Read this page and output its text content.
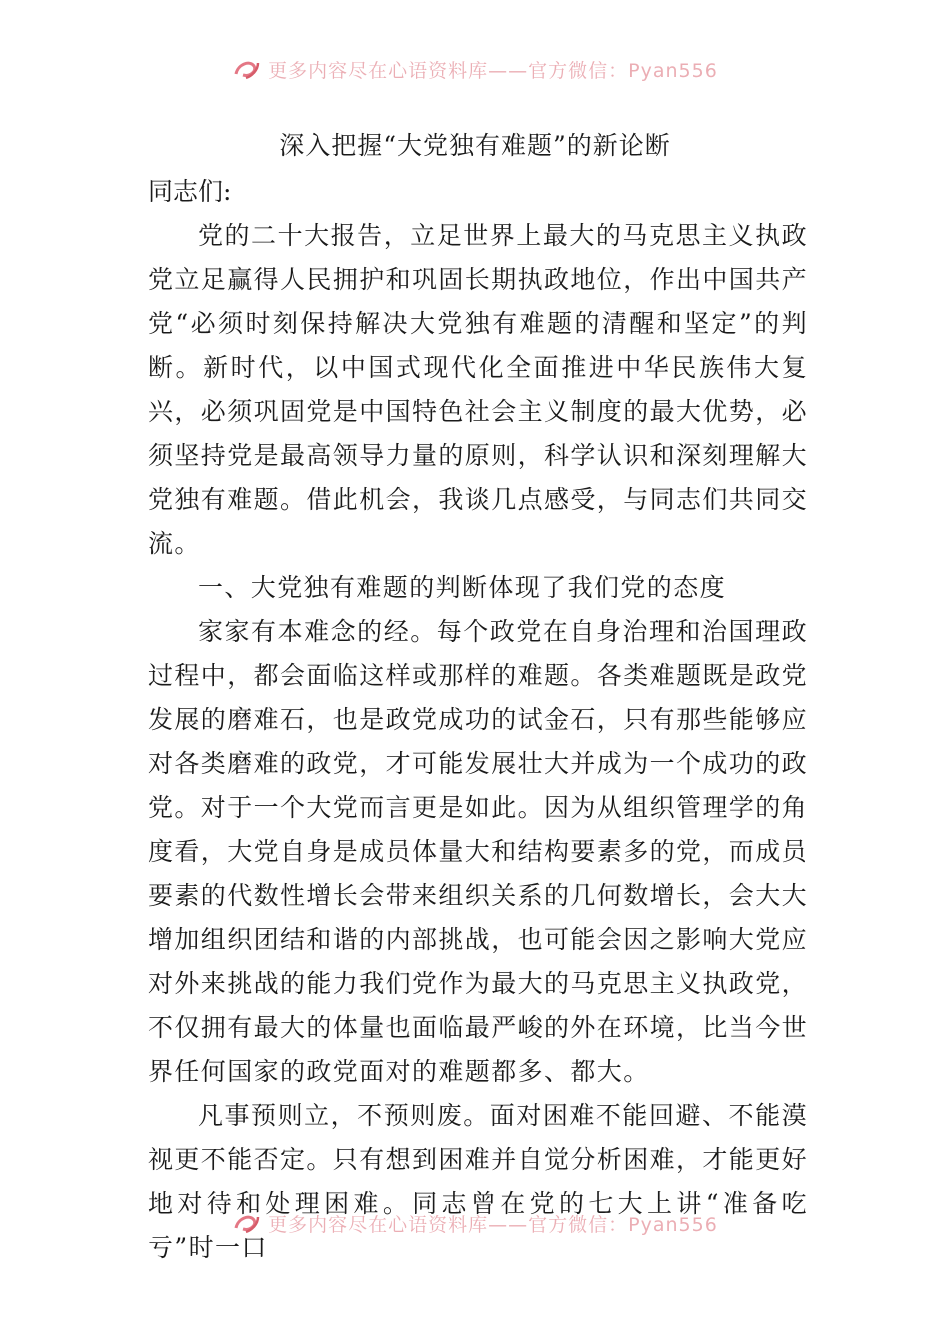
更多内容尽在心语资料库——官方微信：Pyan556
深入把握“大党独有难题”的新论断
同志们:

党的二十大报告，立足世界上最大的马克思主义执政党立足赢得人民拥护和巩固长期执政地位，作出中国共产党“必须时刻保持解决大党独有难题的清醒和坚定”的判断。新时代，以中国式现代化全面推进中华民族伟大复兴，必须巩固党是中国特色社会主义制度的最大优势，必须坚持党是最高领导力量的原则，科学认识和深刻理解大党独有难题。借此机会，我谈几点感受，与同志们共同交流。

一、大党独有难题的判断体现了我们党的态度

家家有本难念的经。每个政党在自身治理和治国理政过程中，都会面临这样或那样的难题。各类难题既是政党发展的磨难石，也是政党成功的试金石，只有那些能够应对各类磨难的政党，才可能发展壮大并成为一个成功的政党。对于一个大党而言更是如此。因为从组织管理学的角度看，大党自身是成员体量大和结构要素多的党，而成员要素的代数性增长会带来组织关系的几何数增长，会大大增加组织团结和谐的内部挑战，也可能会因之影响大党应对外来挑战的能力我们党作为最大的马克思主义执政党，不仅拥有最大的体量也面临最严峻的外在环境，比当今世界任何国家的政党面对的难题都多、都大。

凡事预则立，不预则废。面对困难不能回避、不能漠视更不能否定。只有想到困难并自觉分析困难，才能更好地对待和处理困难。同志曾在党的七大上讲“准备吃亏”时一口

更多内容尽在心语资料库——官方微信：Pyan556
